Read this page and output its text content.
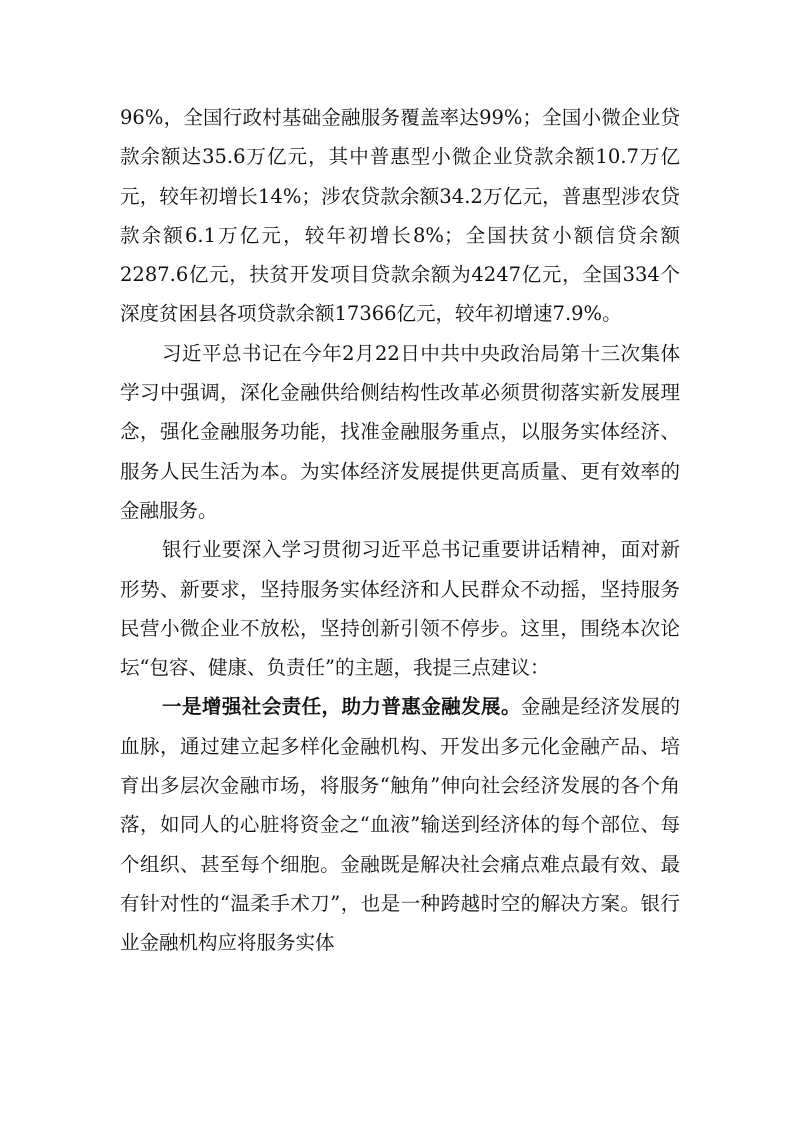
96%，全国行政村基础金融服务覆盖率达99%；全国小微企业贷款余额达35.6万亿元，其中普惠型小微企业贷款余额10.7万亿元，较年初增长14%；涉农贷款余额34.2万亿元，普惠型涉农贷款余额6.1万亿元，较年初增长8%；全国扶贫小额信贷余额2287.6亿元，扶贫开发项目贷款余额为4247亿元，全国334个深度贫困县各项贷款余额17366亿元，较年初增速7.9%。

习近平总书记在今年2月22日中共中央政治局第十三次集体学习中强调，深化金融供给侧结构性改革必须贯彻落实新发展理念，强化金融服务功能，找准金融服务重点，以服务实体经济、服务人民生活为本。为实体经济发展提供更高质量、更有效率的金融服务。

银行业要深入学习贯彻习近平总书记重要讲话精神，面对新形势、新要求，坚持服务实体经济和人民群众不动摇，坚持服务民营小微企业不放松，坚持创新引领不停步。这里，围绕本次论坛“包容、健康、负责任”的主题，我提三点建议：

一是增强社会责任，助力普惠金融发展。金融是经济发展的血脉，通过建立起多样化金融机构、开发出多元化金融产品、培育出多层次金融市场，将服务“触角”伸向社会经济发展的各个角落，如同人的心脏将资金之“血液”输送到经济体的每个部位、每个组织、甚至每个细胞。金融既是解决社会痛点难点最有效、最有针对性的“温柔手术刀”，也是一种跨越时空的解决方案。银行业金融机构应将服务实体
